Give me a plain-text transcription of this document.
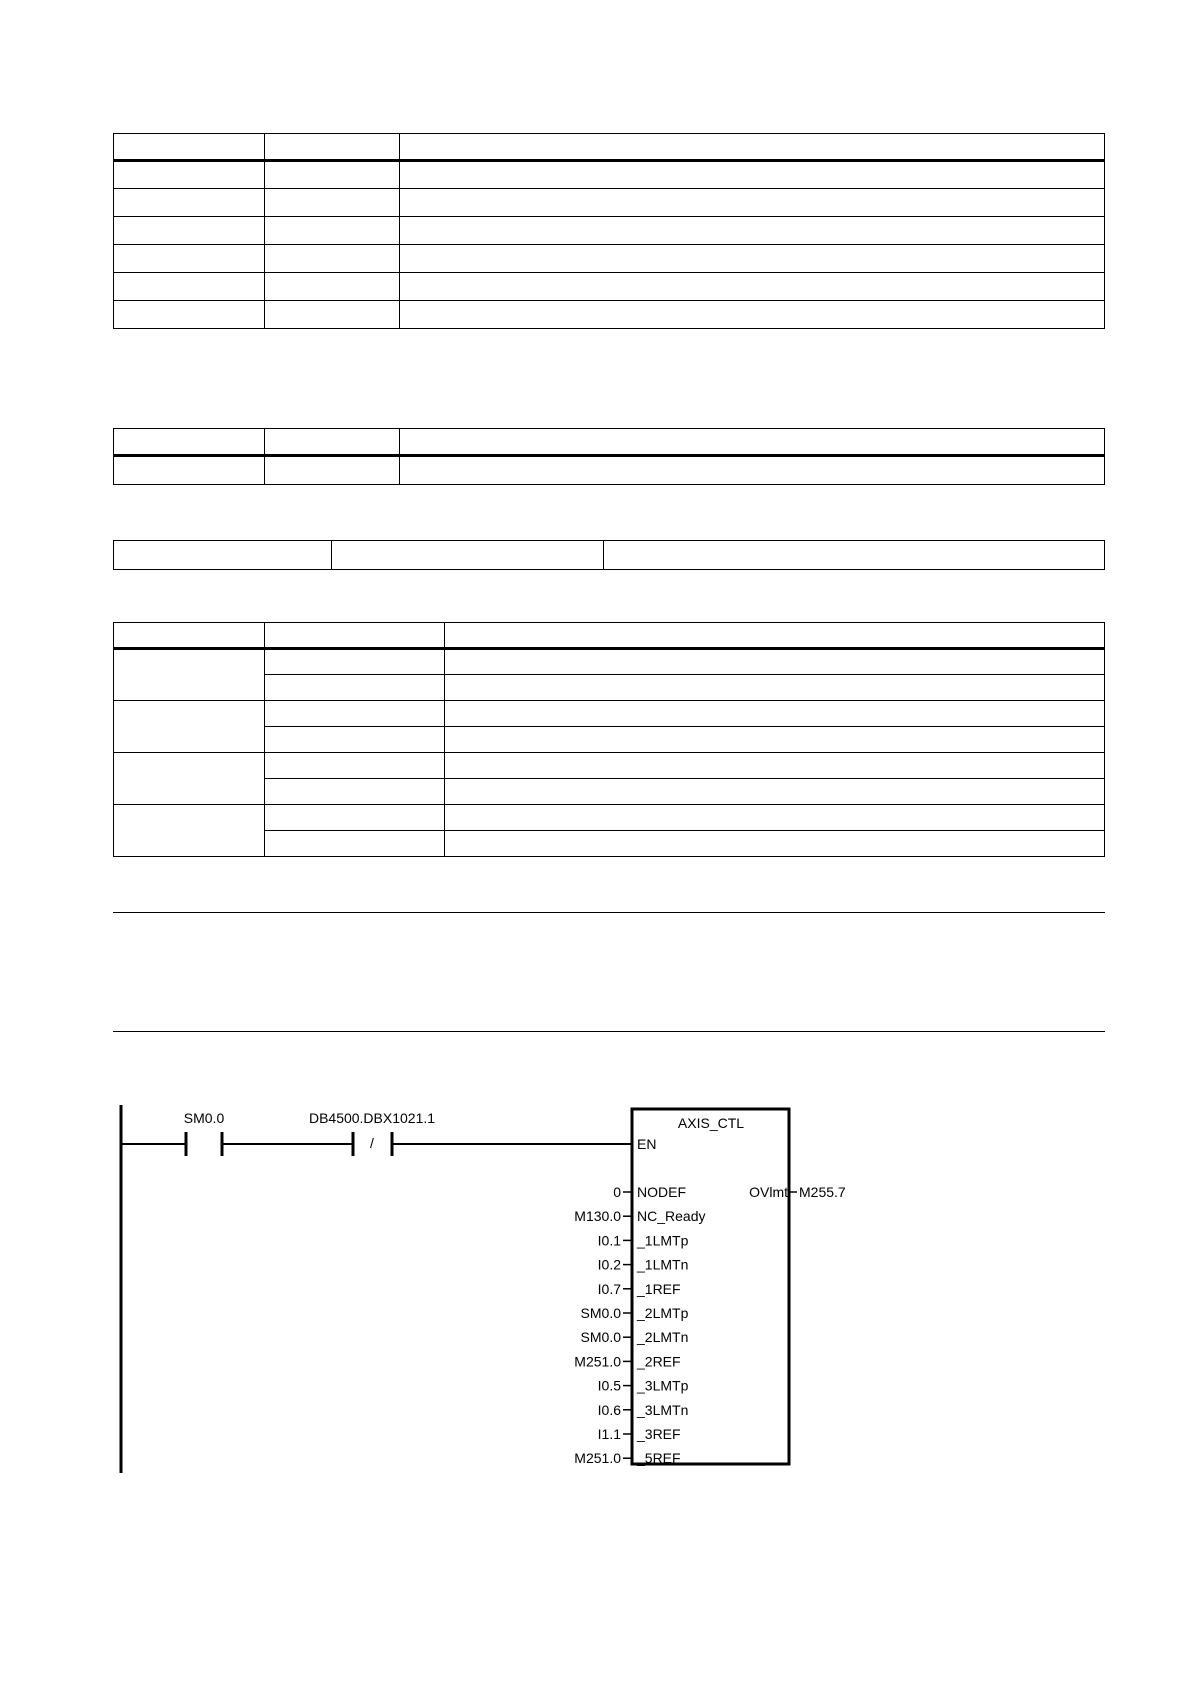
SM0.0
/
DB4500.DBX1021.1	AXIS_CTL
EN
OVlmt M255.7
0 NODEF
M130.0 NC_Ready
I0.1 _1LMTp
I0.2 _1LMTn
I0.7 _1REF
SM0.0 _2LMTp
SM0.0 _2LMTn
M251.0 _2REF
I0.5 _3LMTp
I0.6 _3LMTn
I1.1 _3REF
M251.0 _5REF
